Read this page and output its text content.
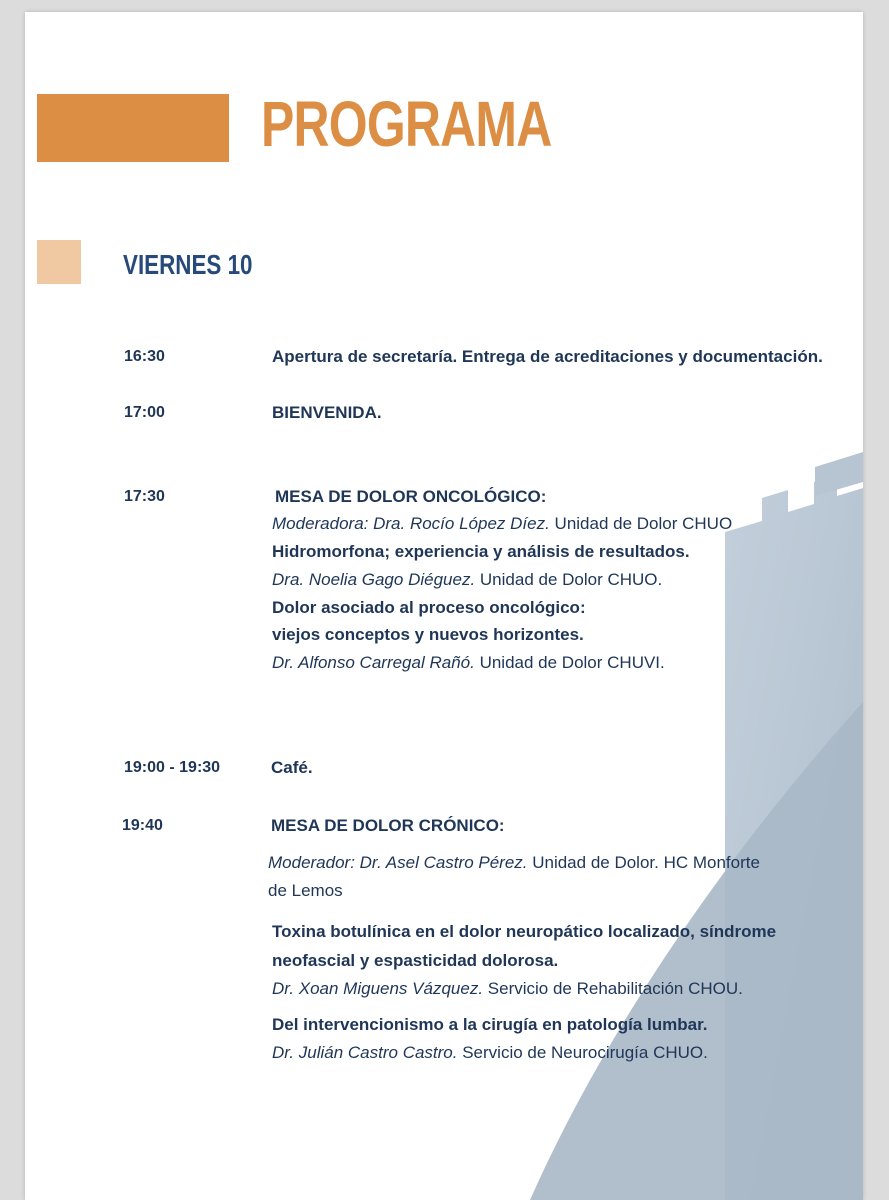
PROGRAMA
VIERNES 10
16:30	Apertura de secretaría. Entrega de acreditaciones y documentación.
17:00	BIENVENIDA.
17:30	MESA DE DOLOR ONCOLÓGICO:
Moderadora: Dra. Rocío López Díez. Unidad de Dolor CHUO
Hidromorfona; experiencia y análisis de resultados.
Dra. Noelia Gago Diéguez. Unidad de Dolor CHUO.
Dolor asociado al proceso oncológico:
viejos conceptos y nuevos horizontes.
Dr. Alfonso Carregal Rañó. Unidad de Dolor CHUVI.
19:00 - 19:30	Café.
19:40	MESA DE DOLOR CRÓNICO:
Moderador: Dr. Asel Castro Pérez. Unidad de Dolor. HC Monforte
de Lemos
Toxina botulínica en el dolor neuropático localizado, síndrome
neofascial y espasticidad dolorosa.
Dr. Xoan Miguens Vázquez. Servicio de Rehabilitación CHOU.
Del intervencionismo a la cirugía en patología lumbar.
Dr. Julián Castro Castro. Servicio de Neurocirugía CHUO.
